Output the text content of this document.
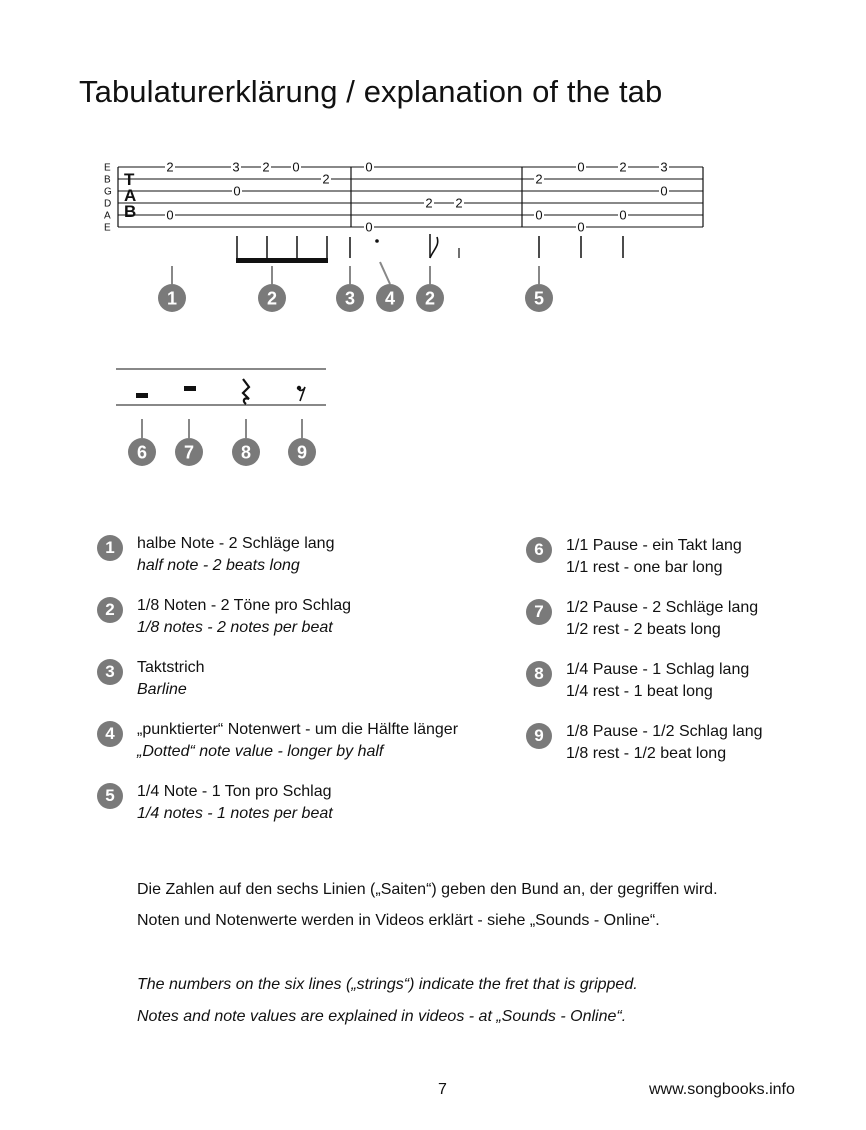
Tabulaturerklärung / explanation of the tab
E
B
G
D
A
E
T
A
B
2	3 2 0
2
0
0
0
0
2 2
2
0
0
0	2
0
3
0
1	2	3 4 2	5
6 7	8	9
1	halbe Note - 2 Schläge lang
half note - 2 beats long
2	1/8 Noten - 2 Töne pro Schlag
1/8 notes - 2 notes per beat
3	Taktstrich
Barline
4	„punktierter“ Notenwert - um die Hälfte länger
„Dotted“ note value - longer by half
5	1/4 Note - 1 Ton pro Schlag
1/4 notes - 1 notes per beat
6	1/1 Pause - ein Takt lang
1/1 rest - one bar long
7	1/2 Pause - 2 Schläge lang
1/2 rest - 2 beats long
8	1/4 Pause - 1 Schlag lang
1/4 rest - 1 beat long
9	1/8 Pause - 1/2 Schlag lang
1/8 rest - 1/2 beat long
Die Zahlen auf den sechs Linien („Saiten“) geben den Bund an, der gegriffen wird.
Noten und Notenwerte werden in Videos erklärt - siehe „Sounds - Online“.
The numbers on the six lines („strings“) indicate the fret that is gripped.
Notes and note values are explained in videos - at „Sounds - Online“.
7	www.songbooks.info
